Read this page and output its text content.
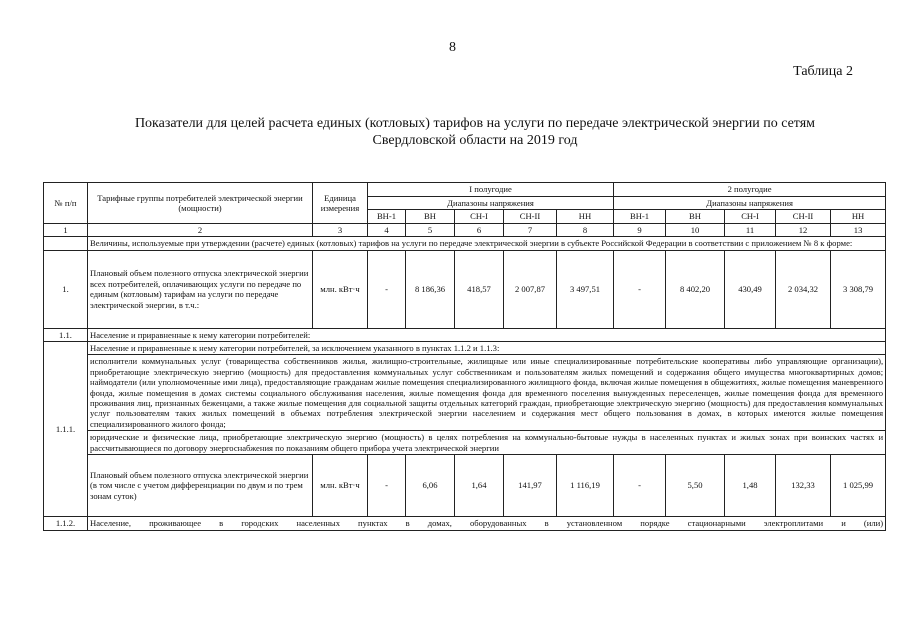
8
Таблица 2
Показатели для целей расчета единых (котловых) тарифов на услуги по передаче электрической энергии по сетям
Свердловской области на 2019 год
№ п/п	Тарифные группы потребителей электрической энергии (мощности)	Единица измерения	I полугодие					2 полугодие				
			Диапазоны напряжения					Диапазоны напряжения				
			ВН-1	ВН	СН-I	СН-II	НН	ВН-1	ВН	СН-I	СН-II	НН
1	2	3	4	5	6	7	8	9	10	11	12	13
	Величины, используемые при утверждении (расчете) единых (котловых) тарифов на услуги по передаче электрической энергии в субъекте Российской Федерации в соответствии с приложением № 8 к форме:											
1.	Плановый объем полезного отпуска электрической энергии всех потребителей, оплачивающих услуги по передаче по единым (котловым) тарифам на услуги по передаче электрической энергии, в т.ч.:	млн. кВт·ч	-	8 186,36	418,57	2 007,87	3 497,51	-	8 402,20	430,49	2 034,32	3 308,79
1.1.	Население и приравненные к нему категории потребителей:											
1.1.1.	Население и приравненные к нему категории потребителей, за исключением указанного в пунктах 1.1.2 и 1.1.3:											
	исполнители коммунальных услуг (товарищества собственников жилья, жилищно-строительные, жилищные или иные специализированные потребительские кооперативы либо управляющие организации), приобретающие электрическую энергию (мощность) для предоставления коммунальных услуг собственникам и пользователям жилых помещений и содержания общего имущества многоквартирных домов; наймодатели (или уполномоченные ими лица), предоставляющие гражданам жилые помещения специализированного жилищного фонда, включая жилые помещения в общежитиях, жилые помещения маневренного фонда, жилые помещения в домах системы социального обслуживания населения, жилые помещения фонда для временного поселения вынужденных переселенцев, жилые помещения фонда для временного проживания лиц, признанных беженцами, а также жилые помещения для социальной защиты отдельных категорий граждан, приобретающие электрическую энергию (мощность) для предоставления коммунальных услуг пользователям таких жилых помещений в объемах потребления электрической энергии населением и содержания мест общего пользования в домах, в которых имеются жилые помещения специализированного жилого фонда;											
	юридические и физические лица, приобретающие электрическую энергию (мощность) в целях потребления на коммунально-бытовые нужды в населенных пунктах и жилых зонах при воинских частях и рассчитывающиеся по договору энергоснабжения по показаниям общего прибора учета электрической энергии											
	Плановый объем полезного отпуска электрической энергии (в том числе с учетом дифференциации по двум и по трем зонам суток)	млн. кВт·ч	-	6,06	1,64	141,97	1 116,19	-	5,50	1,48	132,33	1 025,99
1.1.2.	Население, проживающее в городских населенных пунктах в домах, оборудованных в установленном порядке стационарными электроплитами и (или)											
